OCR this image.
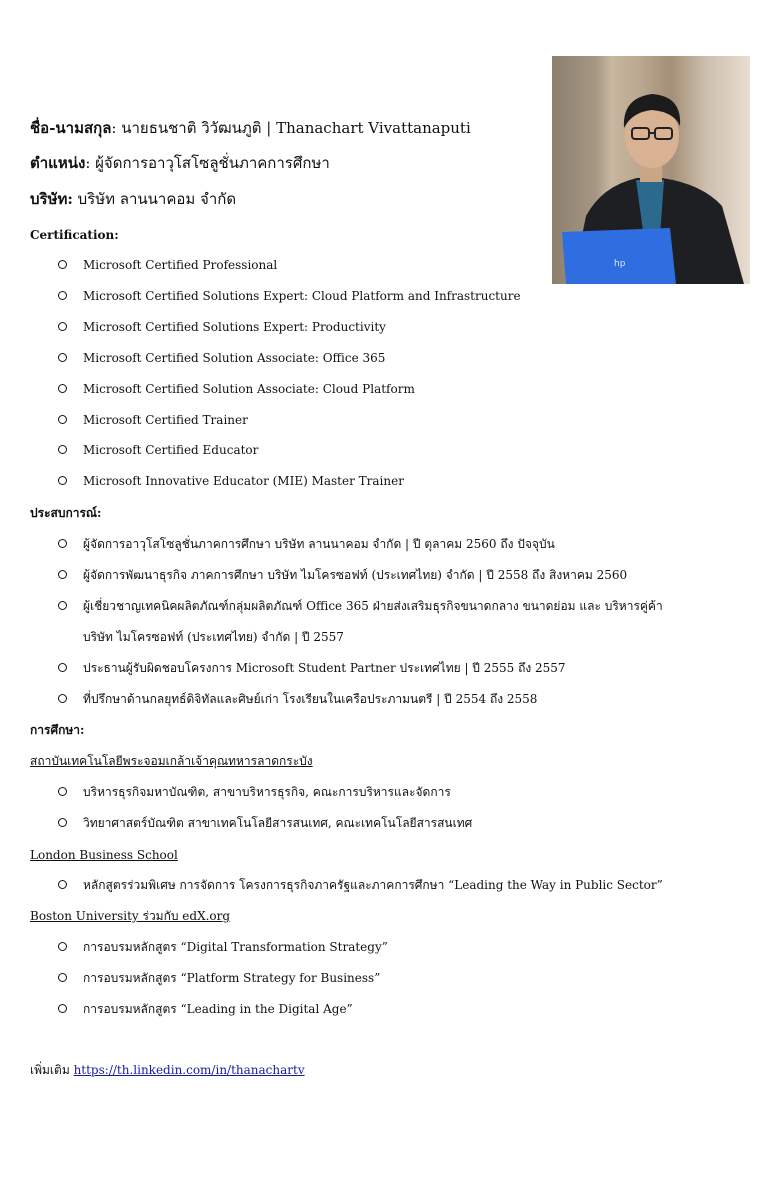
ชื่อ-นามสกุล: นายธนชาติ วิวัฒนภูติ | Thanachart Vivattanaputi
ตำแหน่ง: ผู้จัดการอาวุโสโซลูชั่นภาคการศึกษา
บริษัท: บริษัท ลานนาคอม จำกัด
hp
Certification:
Microsoft Certified Professional
Microsoft Certified Solutions Expert: Cloud Platform and Infrastructure
Microsoft Certified Solutions Expert: Productivity
Microsoft Certified Solution Associate: Office 365
Microsoft Certified Solution Associate: Cloud Platform
Microsoft Certified Trainer
Microsoft Certified Educator
Microsoft Innovative Educator (MIE) Master Trainer
ประสบการณ์:
ผู้จัดการอาวุโสโซลูชั่นภาคการศึกษา บริษัท ลานนาคอม จำกัด | ปี ตุลาคม 2560 ถึง ปัจจุบัน
ผู้จัดการพัฒนาธุรกิจ ภาคการศึกษา บริษัท ไมโครซอฟท์ (ประเทศไทย) จำกัด | ปี 2558 ถึง สิงหาคม 2560
ผู้เชี่ยวชาญเทคนิคผลิตภัณฑ์กลุ่มผลิตภัณฑ์ Office 365 ฝ่ายส่งเสริมธุรกิจขนาดกลาง ขนาดย่อม และ บริหารคู่ค้า
บริษัท ไมโครซอฟท์ (ประเทศไทย) จำกัด | ปี 2557
ประธานผู้รับผิดชอบโครงการ Microsoft Student Partner ประเทศไทย | ปี 2555 ถึง 2557
ที่ปรึกษาด้านกลยุทธ์ดิจิทัลและศิษย์เก่า โรงเรียนในเครือประภามนตรี | ปี 2554 ถึง 2558
การศึกษา:
สถาบันเทคโนโลยีพระจอมเกล้าเจ้าคุณทหารลาดกระบัง
บริหารธุรกิจมหาบัณฑิต, สาขาบริหารธุรกิจ, คณะการบริหารและจัดการ
วิทยาศาสตร์บัณฑิต สาขาเทคโนโลยีสารสนเทศ, คณะเทคโนโลยีสารสนเทศ
London Business School
หลักสูตรร่วมพิเศษ การจัดการ โครงการธุรกิจภาครัฐและภาคการศึกษา “Leading the Way in Public Sector”
Boston University ร่วมกับ edX.org
การอบรมหลักสูตร “Digital Transformation Strategy”
การอบรมหลักสูตร “Platform Strategy for Business”
การอบรมหลักสูตร “Leading in the Digital Age”
เพิ่มเติม https://th.linkedin.com/in/thanachartv
